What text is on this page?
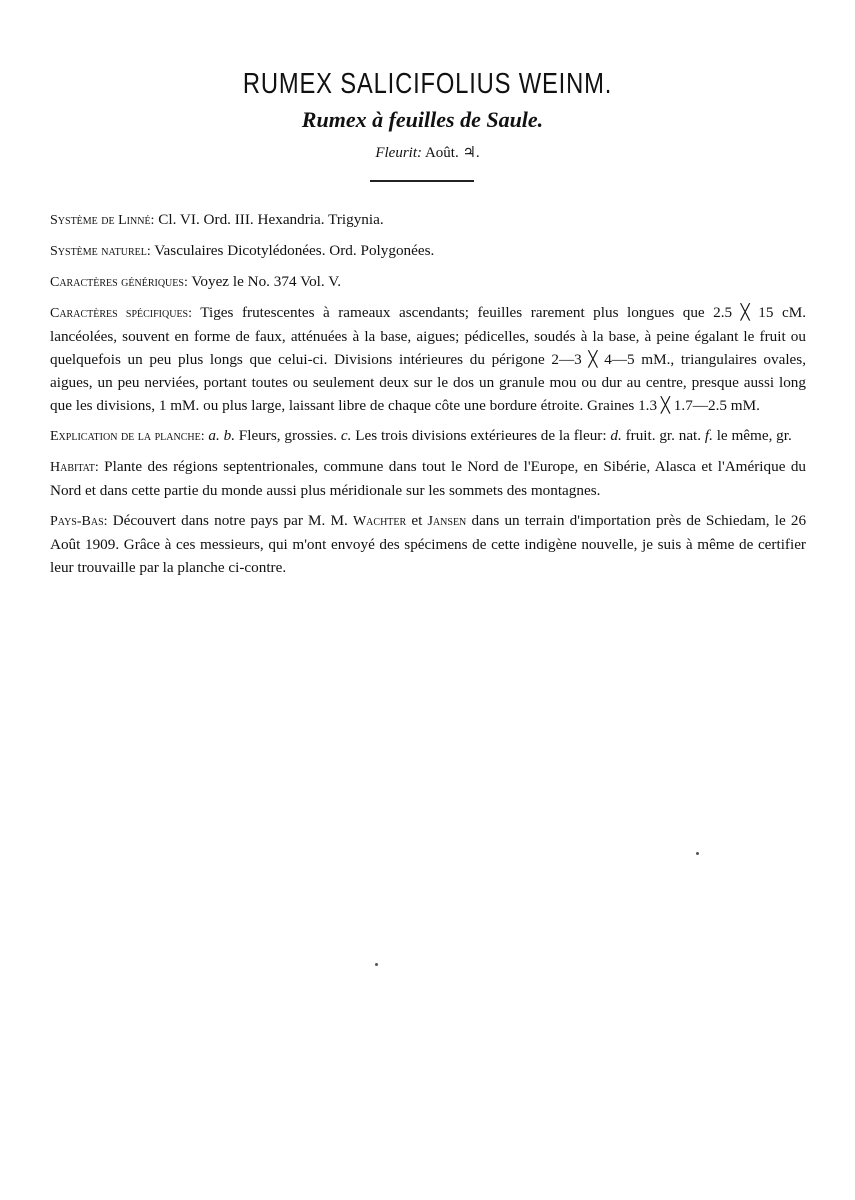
RUMEX SALICIFOLIUS WEINM.
Rumex à feuilles de Saule.
Fleurit: Août. ♃.

Système de Linné: Cl. VI. Ord. III. Hexandria. Trigynia.

Système naturel: Vasculaires Dicotylédonées. Ord. Polygonées.

Caractères génériques: Voyez le No. 374 Vol. V.

Caractères spécifiques: Tiges frutescentes à rameaux ascendants; feuilles rarement plus longues que 2.5 ╳ 15 cM. lancéolées, souvent en forme de faux, atténuées à la base, aigues; pédicelles, soudés à la base, à peine égalant le fruit ou quelquefois un peu plus longs que celui-ci. Divisions intérieures du périgone 2—3 ╳ 4—5 mM., triangulaires ovales, aigues, un peu nerviées, portant toutes ou seulement deux sur le dos un granule mou ou dur au centre, presque aussi long que les divisions, 1 mM. ou plus large, laissant libre de chaque côte une bordure étroite. Graines 1.3 ╳ 1.7—2.5 mM.

Explication de la planche: a. b. Fleurs, grossies. c. Les trois divisions extérieures de la fleur: d. fruit. gr. nat. f. le même, gr.

Habitat: Plante des régions septentrionales, commune dans tout le Nord de l'Europe, en Sibérie, Alasca et l'Amérique du Nord et dans cette partie du monde aussi plus méridionale sur les sommets des montagnes.

Pays-Bas: Découvert dans notre pays par M. M. Wachter et Jansen dans un terrain d'importation près de Schiedam, le 26 Août 1909. Grâce à ces messieurs, qui m'ont envoyé des spécimens de cette indigène nouvelle, je suis à même de certifier leur trouvaille par la planche ci-contre.
